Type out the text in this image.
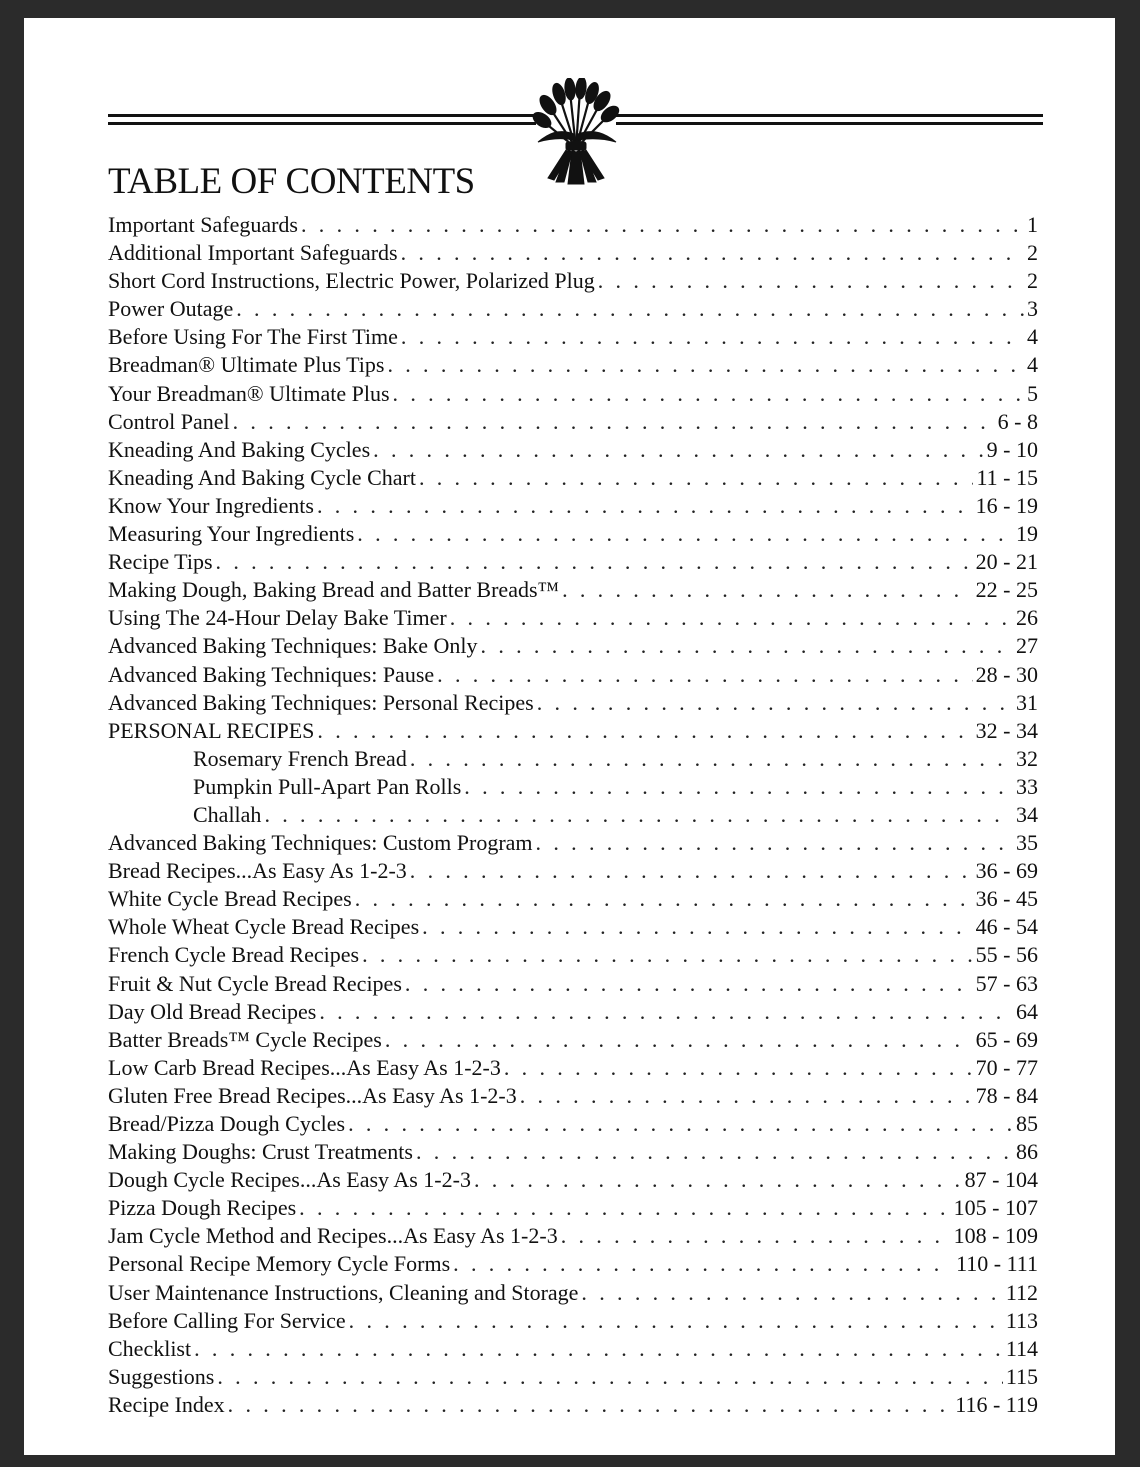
TABLE OF CONTENTS
Important Safeguards . . .	1
Additional Important Safeguards . . .	2
Short Cord Instructions, Electric Power, Polarized Plug . . .	2
Power Outage . . .	3
Before Using For The First Time . . .	4
Breadman® Ultimate Plus Tips . . .	4
Your Breadman® Ultimate Plus . . .	5
Control Panel . . .	6 - 8
Kneading And Baking Cycles . . .	9 - 10
Kneading And Baking Cycle Chart . . .	11 - 15
Know Your Ingredients . . .	16 - 19
Measuring Your Ingredients . . .	19
Recipe Tips . . .	20 - 21
Making Dough, Baking Bread and Batter Breads™ . . .	22 - 25
Using The 24-Hour Delay Bake Timer . . .	26
Advanced Baking Techniques: Bake Only . . .	27
Advanced Baking Techniques: Pause . . .	28 - 30
Advanced Baking Techniques: Personal Recipes . . .	31
PERSONAL RECIPES . . .	32 - 34
Rosemary French Bread . . .	32
Pumpkin Pull-Apart Pan Rolls . . .	33
Challah . . .	34
Advanced Baking Techniques: Custom Program . . .	35
Bread Recipes...As Easy As 1-2-3 . . .	36 - 69
White Cycle Bread Recipes . . .	36 - 45
Whole Wheat Cycle Bread Recipes . . .	46 - 54
French Cycle Bread Recipes . . .	55 - 56
Fruit & Nut Cycle Bread Recipes . . .	57 - 63
Day Old Bread Recipes . . .	64
Batter Breads™ Cycle Recipes . . .	65 - 69
Low Carb Bread Recipes...As Easy As 1-2-3 . . .	70 - 77
Gluten Free Bread Recipes...As Easy As 1-2-3 . . .	78 - 84
Bread/Pizza Dough Cycles . . .	85
Making Doughs: Crust Treatments . . .	86
Dough Cycle Recipes...As Easy As 1-2-3 . . .	87 - 104
Pizza Dough Recipes . . .	105 - 107
Jam Cycle Method and Recipes...As Easy As 1-2-3 . . .	108 - 109
Personal Recipe Memory Cycle Forms . . .	110 - 111
User Maintenance Instructions, Cleaning and Storage . . .	112
Before Calling For Service . . .	113
Checklist . . .	114
Suggestions . . .	115
Recipe Index . . .	116 - 119
